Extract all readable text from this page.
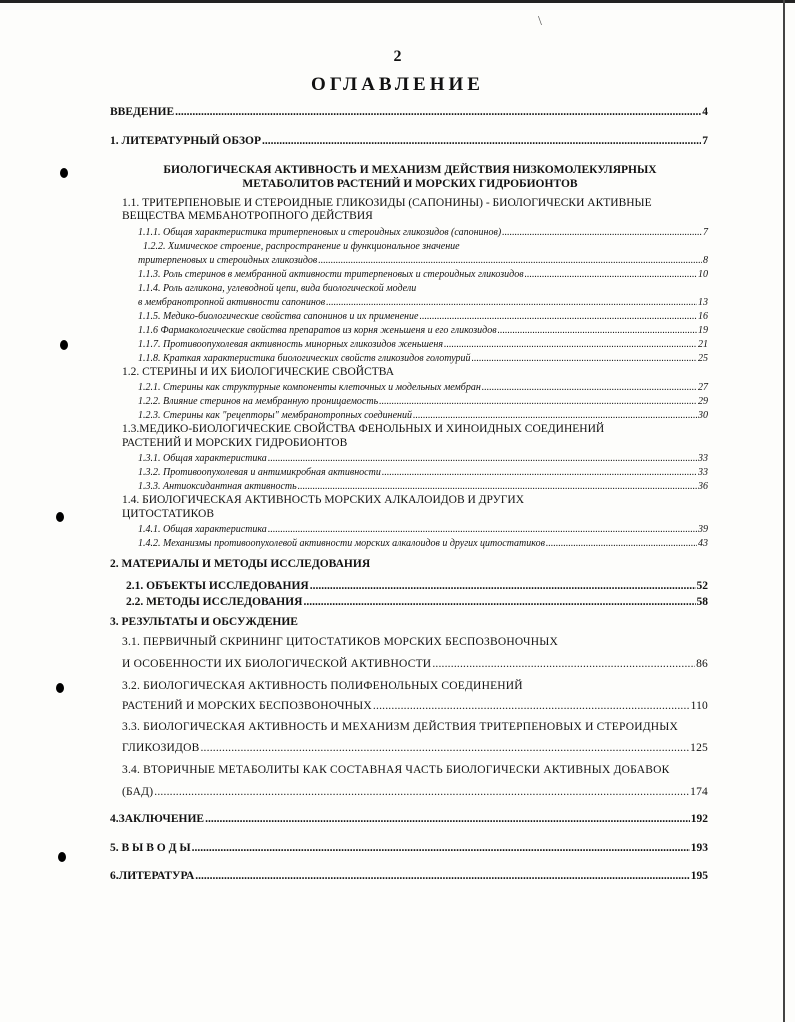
\
2
ОГЛАВЛЕНИЕ
ВВЕДЕНИЕ .....	4
1. ЛИТЕРАТУРНЫЙ ОБЗОР .....	7
БИОЛОГИЧЕСКАЯ АКТИВНОСТЬ И МЕХАНИЗМ ДЕЙСТВИЯ НИЗКОМОЛЕКУЛЯРНЫХ
МЕТАБОЛИТОВ РАСТЕНИЙ И МОРСКИХ ГИДРОБИОНТОВ
1.1. ТРИТЕРПЕНОВЫЕ И СТЕРОИДНЫЕ ГЛИКОЗИДЫ (САПОНИНЫ) - БИОЛОГИЧЕСКИ АКТИВНЫЕ
ВЕЩЕСТВА МЕМБАНОТРОПНОГО ДЕЙСТВИЯ
1.1.1. Общая характеристика тритерпеновых и стероидных гликозидов (сапонинов) .....	7
1.2.2. Химическое строение, распространение и функциональное значение
тритерпеновых и стероидных гликозидов .....	8
1.1.3. Роль стеринов в мембранной активности тритерпеновых и стероидных гликозидов .....	10
1.1.4. Роль агликона, углеводной цепи, вида биологической модели
в мембранотропной активности сапонинов .....	13
1.1.5. Медико-биологические свойства сапонинов и их применение .....	16
1.1.6 Фармакологические свойства препаратов из корня женьшеня и его гликозидов .....	19
1.1.7. Противоопухолевая активность минорных гликозидов женьшеня .....	21
1.1.8. Краткая характеристика биологических свойств гликозидов голотурий .....	25
1.2. СТЕРИНЫ И ИХ БИОЛОГИЧЕСКИЕ СВОЙСТВА
1.2.1. Стерины как структурные компоненты клеточных и модельных мембран .....	27
1.2.2. Влияние стеринов на мембранную проницаемость .....	29
1.2.3. Стерины как "рецепторы" мембранотропных соединений .....	30
1.3.МЕДИКО-БИОЛОГИЧЕСКИЕ СВОЙСТВА ФЕНОЛЬНЫХ И ХИНОИДНЫХ СОЕДИНЕНИЙ
РАСТЕНИЙ И МОРСКИХ ГИДРОБИОНТОВ
1.3.1. Общая характеристика .....	33
1.3.2. Противоопухолевая и антимикробная активности .....	33
1.3.3. Антиоксидантная активность .....	36
1.4. БИОЛОГИЧЕСКАЯ АКТИВНОСТЬ МОРСКИХ АЛКАЛОИДОВ И ДРУГИХ
ЦИТОСТАТИКОВ
1.4.1. Общая характеристика .....	39
1.4.2. Механизмы противоопухолевой активности морских алкалоидов и других цитостатиков .....	43
2. МАТЕРИАЛЫ И МЕТОДЫ ИССЛЕДОВАНИЯ
2.1. ОБЪЕКТЫ ИССЛЕДОВАНИЯ .....	52
2.2. МЕТОДЫ ИССЛЕДОВАНИЯ .....	58
3. РЕЗУЛЬТАТЫ И ОБСУЖДЕНИЕ
3.1. ПЕРВИЧНЫЙ СКРИНИНГ ЦИТОСТАТИКОВ МОРСКИХ БЕСПОЗВОНОЧНЫХ
И ОСОБЕННОСТИ ИХ БИОЛОГИЧЕСКОЙ АКТИВНОСТИ .....	86
3.2. БИОЛОГИЧЕСКАЯ АКТИВНОСТЬ ПОЛИФЕНОЛЬНЫХ СОЕДИНЕНИЙ
РАСТЕНИЙ И МОРСКИХ БЕСПОЗВОНОЧНЫХ .....	110
3.3. БИОЛОГИЧЕСКАЯ АКТИВНОСТЬ И МЕХАНИЗМ ДЕЙСТВИЯ ТРИТЕРПЕНОВЫХ И СТЕРОИДНЫХ
ГЛИКОЗИДОВ .....	125
3.4. ВТОРИЧНЫЕ МЕТАБОЛИТЫ КАК СОСТАВНАЯ ЧАСТЬ БИОЛОГИЧЕСКИ АКТИВНЫХ ДОБАВОК
(БАД) .....	174
4.ЗАКЛЮЧЕНИЕ .....	192
5. В Ы В О Д Ы .....	193
6.ЛИТЕРАТУРА .....	195
